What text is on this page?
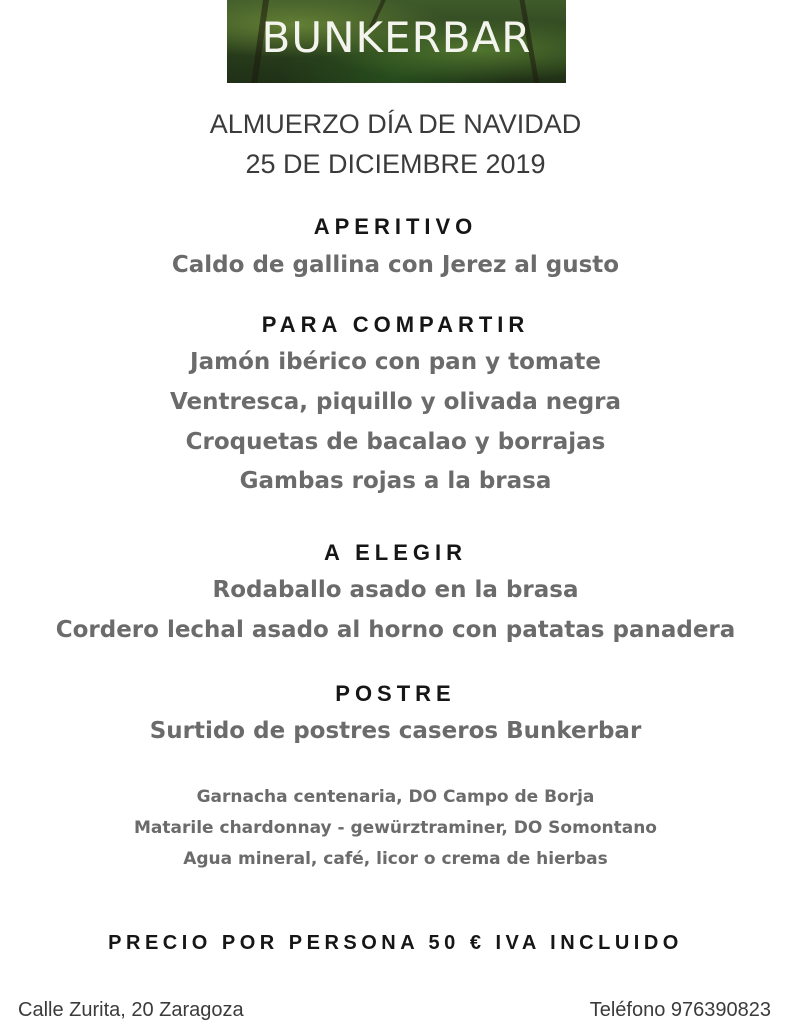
BUNKERBAR
ALMUERZO DÍA DE NAVIDAD
25 DE DICIEMBRE 2019
APERITIVO
Caldo de gallina con Jerez al gusto
PARA COMPARTIR
Jamón ibérico con pan y tomate
Ventresca, piquillo y olivada negra
Croquetas de bacalao y borrajas
Gambas rojas a la brasa
A ELEGIR
Rodaballo asado en la brasa
Cordero lechal asado al horno con patatas panadera
POSTRE
Surtido de postres caseros Bunkerbar
Garnacha centenaria, DO Campo de Borja
Matarile chardonnay - gewürztraminer, DO Somontano
Agua mineral, café, licor o crema de hierbas
PRECIO POR PERSONA 50 € IVA INCLUIDO
Calle Zurita, 20 Zaragoza	Teléfono 976390823
